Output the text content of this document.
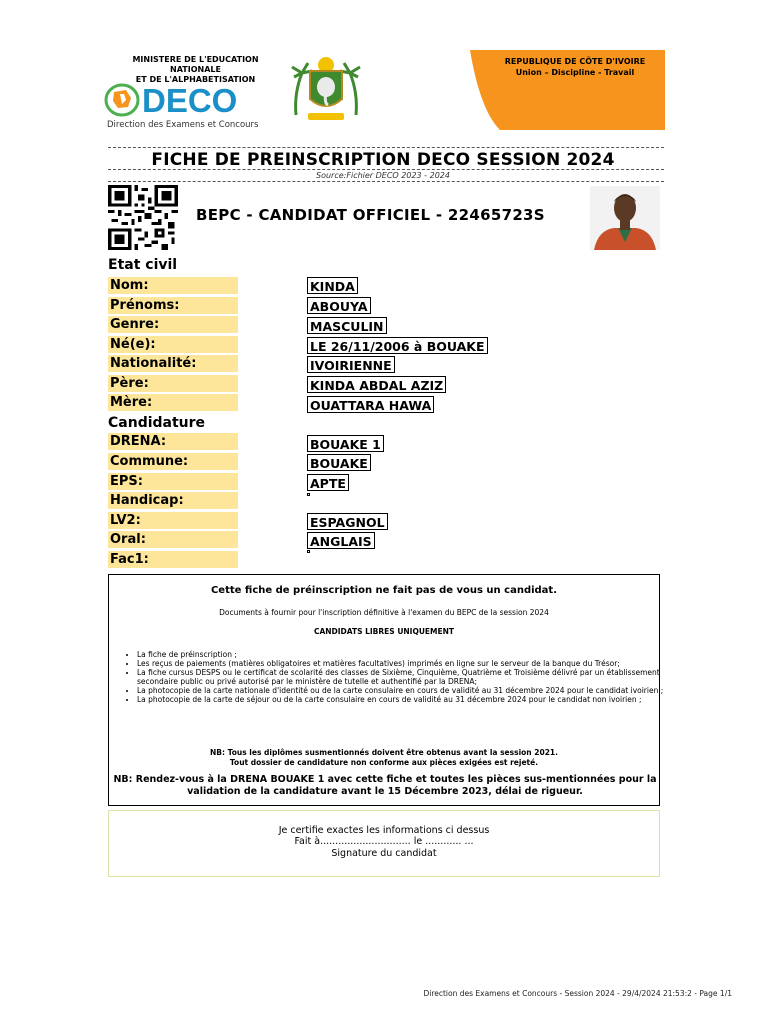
MINISTERE DE L'EDUCATION NATIONALE
ET DE L'ALPHABETISATION
DECO
Direction des Examens et Concours
REPUBLIQUE DE CÔTE D'IVOIRE
Union – Discipline - Travail
FICHE DE PREINSCRIPTION DECO SESSION 2024
Source:Fichier DECO 2023 - 2024
BEPC - CANDIDAT OFFICIEL - 22465723S
Etat civil
Nom:	KINDA
Prénoms:	ABOUYA
Genre:	MASCULIN
Né(e):	LE 26/11/2006 à BOUAKE
Nationalité:	IVOIRIENNE
Père:	KINDA ABDAL AZIZ
Mère:	OUATTARA HAWA
Candidature
DRENA:	BOUAKE 1
Commune:	BOUAKE
EPS:	APTE
Handicap:
LV2:	ESPAGNOL
Oral:	ANGLAIS
Fac1:
Cette fiche de préinscription ne fait pas de vous un candidat.
Documents à fournir pour l'inscription définitive à l'examen du BEPC de la session 2024
CANDIDATS LIBRES UNIQUEMENT
• La fiche de préinscription ;
• Les reçus de paiements (matières obligatoires et matières facultatives) imprimés en ligne sur le serveur de la banque du Trésor;
• La fiche cursus DESPS ou le certificat de scolarité des classes de Sixième, Cinquième, Quatrième et Troisième délivré par un établissement secondaire public ou privé autorisé par le ministère de tutelle et authentifié par la DRENA;
• La photocopie de la carte nationale d'identité ou de la carte consulaire en cours de validité au 31 décembre 2024 pour le candidat ivoirien ;
• La photocopie de la carte de séjour ou de la carte consulaire en cours de validité au 31 décembre 2024 pour le candidat non ivoirien ;
NB: Tous les diplômes susmentionnés doivent être obtenus avant la session 2021.
Tout dossier de candidature non conforme aux pièces exigées est rejeté.
NB: Rendez-vous à la DRENA BOUAKE 1 avec cette fiche et toutes les pièces sus-mentionnées pour la validation de la candidature avant le 15 Décembre 2023, délai de rigueur.
Je certifie exactes les informations ci dessus
Fait à.............................. le ............ ...
Signature du candidat
Direction des Examens et Concours - Session 2024 - 29/4/2024 21:53:2 - Page 1/1
